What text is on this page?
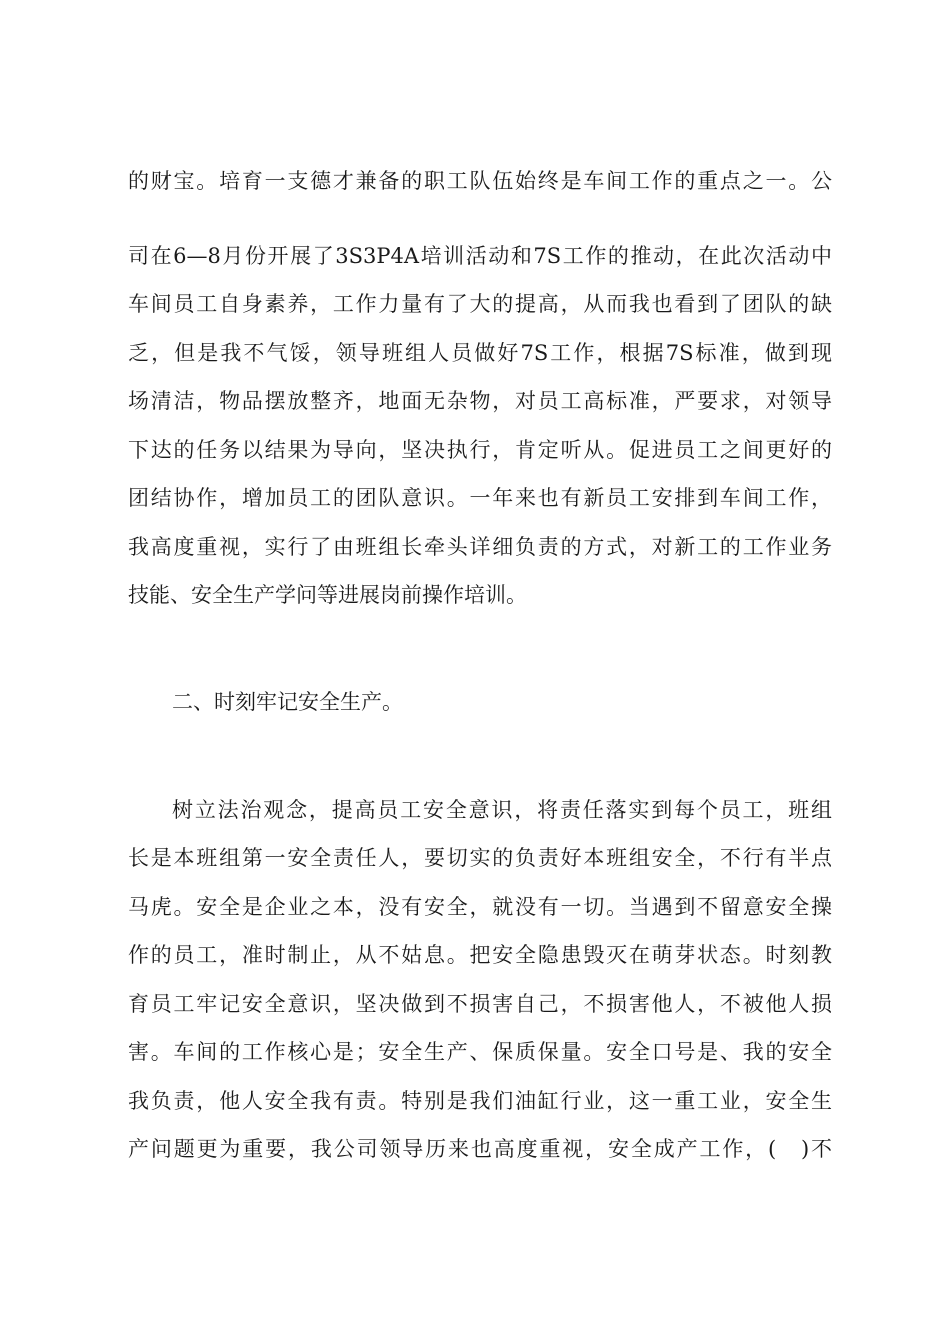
的财宝。培育一支德才兼备的职工队伍始终是车间工作的重点之一。公
司在6—8月份开展了3S3P4A培训活动和7S工作的推动，在此次活动中
车间员工自身素养，工作力量有了大的提高，从而我也看到了团队的缺
乏，但是我不气馁，领导班组人员做好7S工作，根据7S标准，做到现
场清洁，物品摆放整齐，地面无杂物，对员工高标准，严要求，对领导
下达的任务以结果为导向，坚决执行，肯定听从。促进员工之间更好的
团结协作，增加员工的团队意识。一年来也有新员工安排到车间工作，
我高度重视，实行了由班组长牵头详细负责的方式，对新工的工作业务
技能、安全生产学问等进展岗前操作培训。
二、时刻牢记安全生产。
树立法治观念，提高员工安全意识，将责任落实到每个员工，班组
长是本班组第一安全责任人，要切实的负责好本班组安全，不行有半点
马虎。安全是企业之本，没有安全，就没有一切。当遇到不留意安全操
作的员工，准时制止，从不姑息。把安全隐患毁灭在萌芽状态。时刻教
育员工牢记安全意识，坚决做到不损害自己，不损害他人，不被他人损
害。车间的工作核心是；安全生产、保质保量。安全口号是、我的安全
我负责，他人安全我有责。特别是我们油缸行业，这一重工业，安全生
产问题更为重要，我公司领导历来也高度重视，安全成产工作，(　)不
